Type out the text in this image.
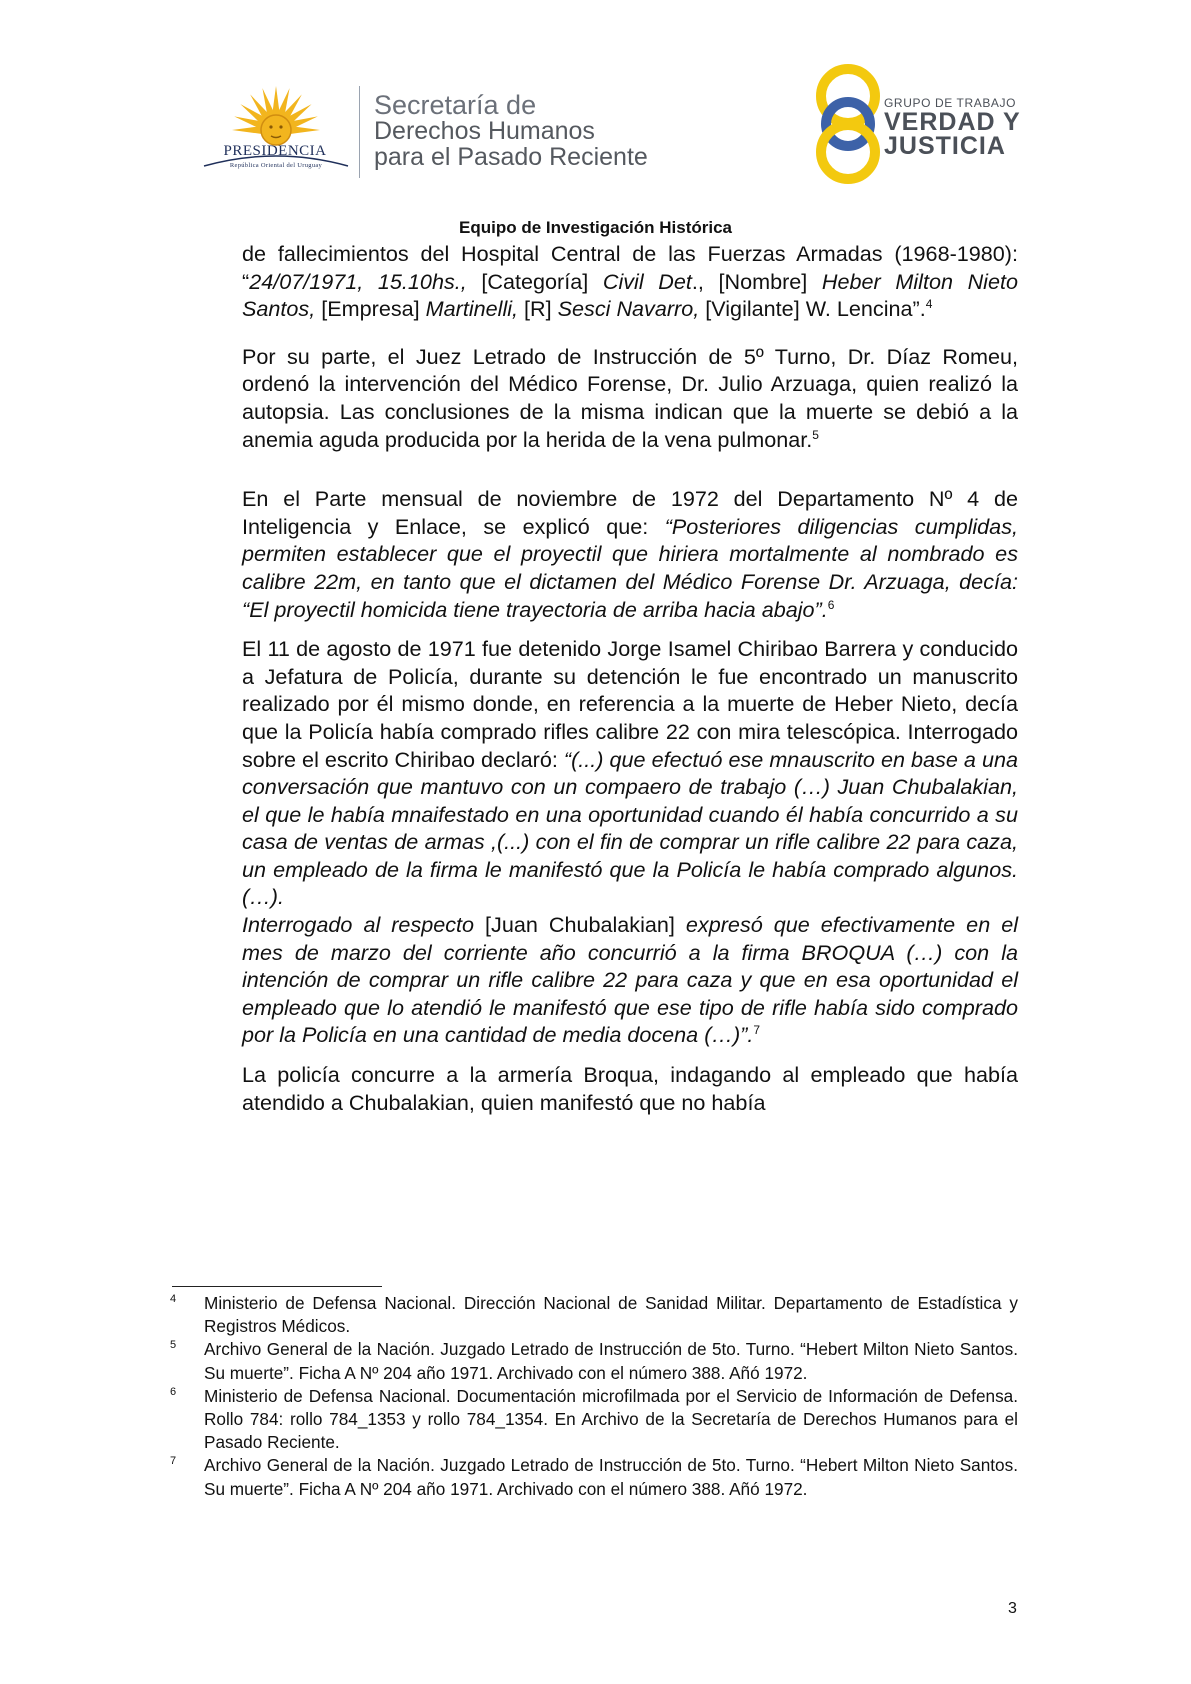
PRESIDENCIA
República Oriental del Uruguay
Secretaría de
Derechos Humanos
para el Pasado Reciente
GRUPO DE TRABAJO
VERDAD Y
JUSTICIA
Equipo de Investigación Histórica

de fallecimientos del Hospital Central de las Fuerzas Armadas (1968-1980): “24/07/1971, 15.10hs., [Categoría] Civil Det., [Nombre] Heber Milton Nieto Santos, [Empresa] Martinelli, [R] Sesci Navarro, [Vigilante] W. Lencina”.$^4$

Por su parte, el Juez Letrado de Instrucción de 5º Turno, Dr. Díaz Romeu, ordenó la intervención del Médico Forense, Dr. Julio Arzuaga, quien realizó la autopsia. Las conclusiones de la misma indican que la muerte se debió a la anemia aguda producida por la herida de la vena pulmonar.$^5$

En el Parte mensual de noviembre de 1972 del Departamento Nº 4 de Inteligencia y Enlace, se explicó que: “Posteriores diligencias cumplidas, permiten establecer que el proyectil que hiriera mortalmente al nombrado es calibre 22m, en tanto que el dictamen del Médico Forense Dr. Arzuaga, decía: “El proyectil homicida tiene trayectoria de arriba hacia abajo”.$^6$

El 11 de agosto de 1971 fue detenido Jorge Isamel Chiribao Barrera y conducido a Jefatura de Policía, durante su detención le fue encontrado un manuscrito realizado por él mismo donde, en referencia a la muerte de Heber Nieto, decía que la Policía había comprado rifles calibre 22 con mira telescópica. Interrogado sobre el escrito Chiribao declaró: “(...) que efectuó ese mnauscrito en base a una conversación que mantuvo con un compaero de trabajo (…) Juan Chubalakian, el que le había mnaifestado en una oportunidad cuando él había concurrido a su casa de ventas de armas ,(...) con el fin de comprar un rifle calibre 22 para caza, un empleado de la firma le manifestó que la Policía le había comprado algunos. (…).

Interrogado al respecto [Juan Chubalakian] expresó que efectivamente en el mes de marzo del corriente año concurrió a la firma BROQUA (…) con la intención de comprar un rifle calibre 22 para caza y que en esa oportunidad el empleado que lo atendió le manifestó que ese tipo de rifle había sido comprado por la Policía en una cantidad de media docena (…)”.$^7$

La policía concurre a la armería Broqua, indagando al empleado que había atendido a Chubalakian, quien manifestó que no había

4 Ministerio de Defensa Nacional. Dirección Nacional de Sanidad Militar. Departamento de Estadística y Registros Médicos.
5 Archivo General de la Nación. Juzgado Letrado de Instrucción de 5to. Turno. “Hebert Milton Nieto Santos. Su muerte”. Ficha A Nº 204 año 1971. Archivado con el número 388. Añó 1972.
6 Ministerio de Defensa Nacional. Documentación microfilmada por el Servicio de Información de Defensa. Rollo 784: rollo 784_1353 y rollo 784_1354. En Archivo de la Secretaría de Derechos Humanos para el Pasado Reciente.
7 Archivo General de la Nación. Juzgado Letrado de Instrucción de 5to. Turno. “Hebert Milton Nieto Santos. Su muerte”. Ficha A Nº 204 año 1971. Archivado con el número 388. Añó 1972.
3
